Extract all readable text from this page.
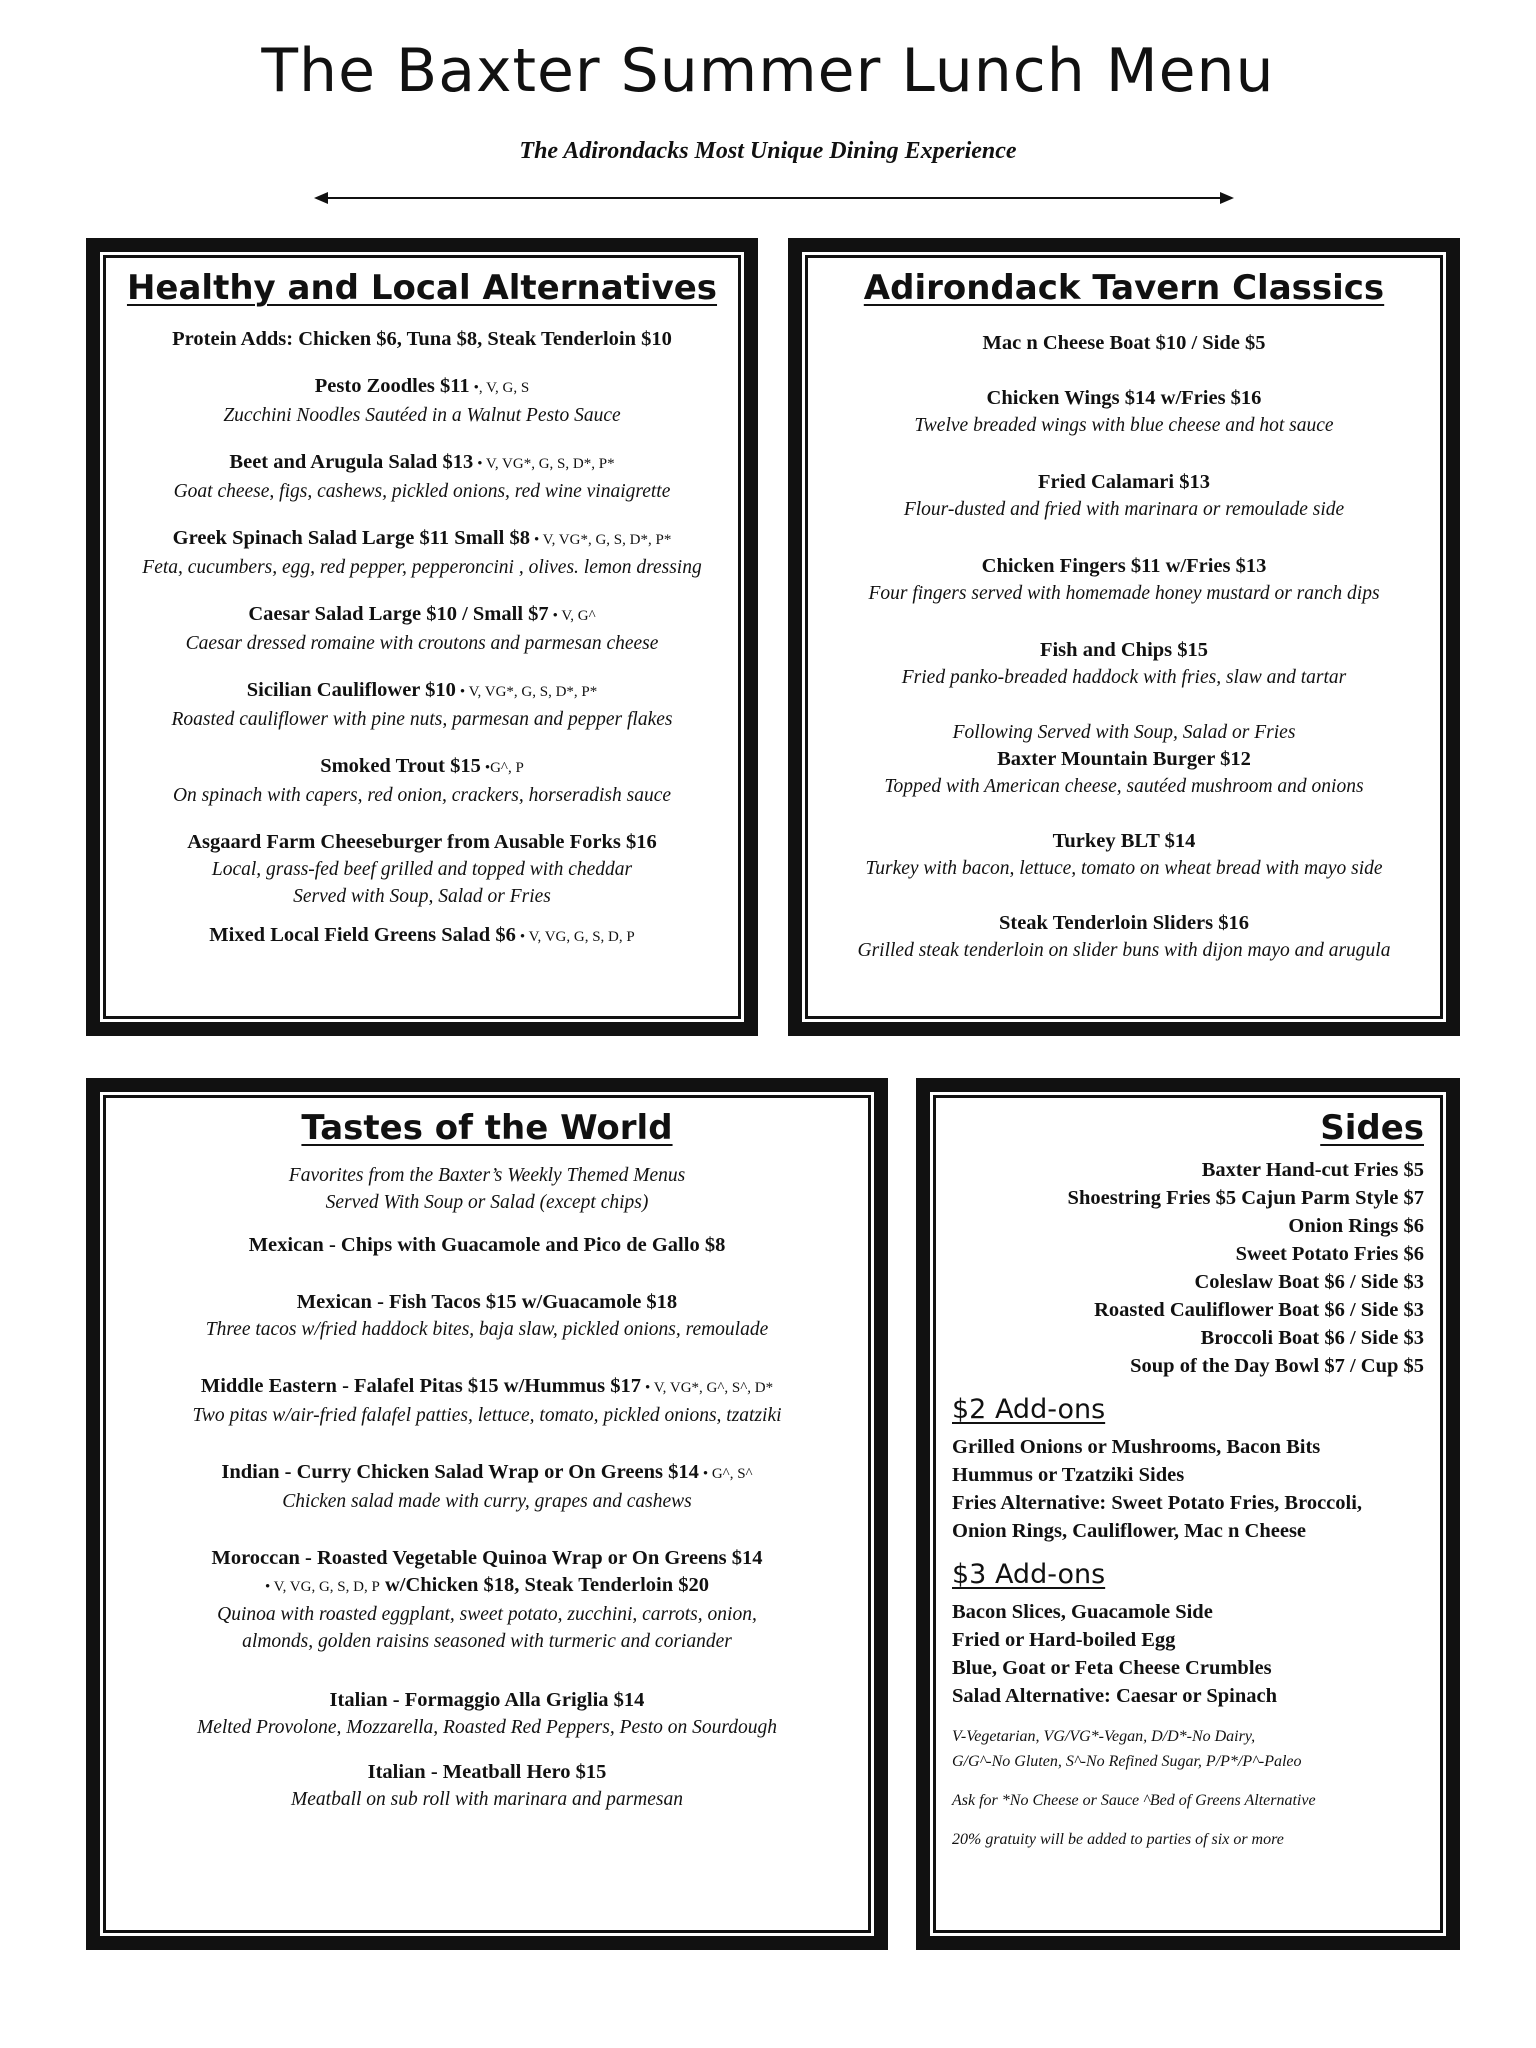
The Baxter Summer Lunch Menu
The Adirondacks Most Unique Dining Experience
Healthy and Local Alternatives
Protein Adds: Chicken $6, Tuna $8, Steak Tenderloin $10
Pesto Zoodles $11 •, V, G, S
Zucchini Noodles Sautéed in a Walnut Pesto Sauce
Beet and Arugula Salad $13 • V, VG*, G, S, D*, P*
Goat cheese, figs, cashews, pickled onions, red wine vinaigrette
Greek Spinach Salad Large $11 Small $8 • V, VG*, G, S, D*, P*
Feta, cucumbers, egg, red pepper, pepperoncini , olives. lemon dressing
Caesar Salad Large $10 / Small $7 • V, G^
Caesar dressed romaine with croutons and parmesan cheese
Sicilian Cauliflower $10 • V, VG*, G, S, D*, P*
Roasted cauliflower with pine nuts, parmesan and pepper flakes
Smoked Trout $15 •G^, P
On spinach with capers, red onion, crackers, horseradish sauce
Asgaard Farm Cheeseburger from Ausable Forks $16
Local, grass-fed beef grilled and topped with cheddar
Served with Soup, Salad or Fries
Mixed Local Field Greens Salad $6 • V, VG, G, S, D, P
Adirondack Tavern Classics
Mac n Cheese Boat $10 / Side $5
Chicken Wings $14 w/Fries $16
Twelve breaded wings with blue cheese and hot sauce
Fried Calamari $13
Flour-dusted and fried with marinara or remoulade side
Chicken Fingers $11 w/Fries $13
Four fingers served with homemade honey mustard or ranch dips
Fish and Chips $15
Fried panko-breaded haddock with fries, slaw and tartar
Following Served with Soup, Salad or Fries
Baxter Mountain Burger $12
Topped with American cheese, sautéed mushroom and onions
Turkey BLT $14
Turkey with bacon, lettuce, tomato on wheat bread with mayo side
Steak Tenderloin Sliders $16
Grilled steak tenderloin on slider buns with dijon mayo and arugula
Tastes of the World
Favorites from the Baxter’s Weekly Themed Menus
Served With Soup or Salad (except chips)
Mexican - Chips with Guacamole and Pico de Gallo $8
Mexican - Fish Tacos $15 w/Guacamole $18
Three tacos w/fried haddock bites, baja slaw, pickled onions, remoulade
Middle Eastern - Falafel Pitas $15 w/Hummus $17 • V, VG*, G^, S^, D*
Two pitas w/air-fried falafel patties, lettuce, tomato, pickled onions, tzatziki
Indian - Curry Chicken Salad Wrap or On Greens $14 • G^, S^
Chicken salad made with curry, grapes and cashews
Moroccan - Roasted Vegetable Quinoa Wrap or On Greens $14
• V, VG, G, S, D, P w/Chicken $18, Steak Tenderloin $20
Quinoa with roasted eggplant, sweet potato, zucchini, carrots, onion,
almonds, golden raisins seasoned with turmeric and coriander
Italian - Formaggio Alla Griglia $14
Melted Provolone, Mozzarella, Roasted Red Peppers, Pesto on Sourdough
Italian - Meatball Hero $15
Meatball on sub roll with marinara and parmesan
Sides
Baxter Hand-cut Fries $5
Shoestring Fries $5 Cajun Parm Style $7
Onion Rings $6
Sweet Potato Fries $6
Coleslaw Boat $6 / Side $3
Roasted Cauliflower Boat $6 / Side $3
Broccoli Boat $6 / Side $3
Soup of the Day Bowl $7 / Cup $5
$2 Add-ons
Grilled Onions or Mushrooms, Bacon Bits
Hummus or Tzatziki Sides
Fries Alternative: Sweet Potato Fries, Broccoli,
Onion Rings, Cauliflower, Mac n Cheese
$3 Add-ons
Bacon Slices, Guacamole Side
Fried or Hard-boiled Egg
Blue, Goat or Feta Cheese Crumbles
Salad Alternative: Caesar or Spinach
V-Vegetarian, VG/VG*-Vegan, D/D*-No Dairy,
G/G^-No Gluten, S^-No Refined Sugar, P/P*/P^-Paleo
Ask for *No Cheese or Sauce ^Bed of Greens Alternative
20% gratuity will be added to parties of six or more
